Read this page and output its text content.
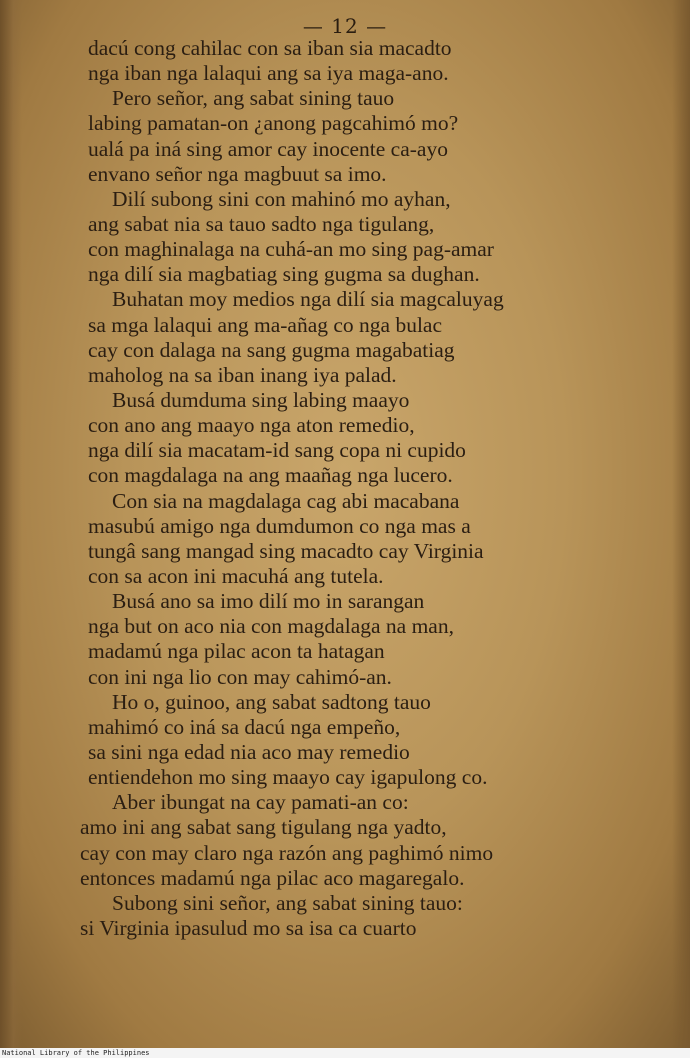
— 12 —
dacú cong cahilac con sa iban sia macadto
nga iban nga lalaqui ang sa iya maga-ano.
Pero señor, ang sabat sining tauo
labing pamatan-on ¿anong pagcahimó mo?
ualá pa iná sing amor cay inocente ca-ayo
envano señor nga magbuut sa imo.
Dilí subong sini con mahinó mo ayhan,
ang sabat nia sa tauo sadto nga tigulang,
con maghinalaga na cuhá-an mo sing pag-amar
nga dilí sia magbatiag sing gugma sa dughan.
Buhatan moy medios nga dilí sia magcaluyag
sa mga lalaqui ang ma-añag co nga bulac
cay con dalaga na sang gugma magabatiag
maholog na sa iban inang iya palad.
Busá dumduma sing labing maayo
con ano ang maayo nga aton remedio,
nga dilí sia macatam-id sang copa ni cupido
con magdalaga na ang maañag nga lucero.
Con sia na magdalaga cag abi macabana
masubú amigo nga dumdumon co nga mas a
tungâ sang mangad sing macadto cay Virginia
con sa acon ini macuhá ang tutela.
Busá ano sa imo dilí mo in sarangan
nga but on aco nia con magdalaga na man,
madamú nga pilac acon ta hatagan
con ini nga lio con may cahimó-an.
Ho o, guinoo, ang sabat sadtong tauo
mahimó co iná sa dacú nga empeño,
sa sini nga edad nia aco may remedio
entiendehon mo sing maayo cay igapulong co.
Aber ibungat na cay pamati-an co:
amo ini ang sabat sang tigulang nga yadto,
cay con may claro nga razón ang paghimó nimo
entonces madamú nga pilac aco magaregalo.
Subong sini señor, ang sabat sining tauo:
si Virginia ipasulud mo sa isa ca cuarto
National Library of the Philippines
